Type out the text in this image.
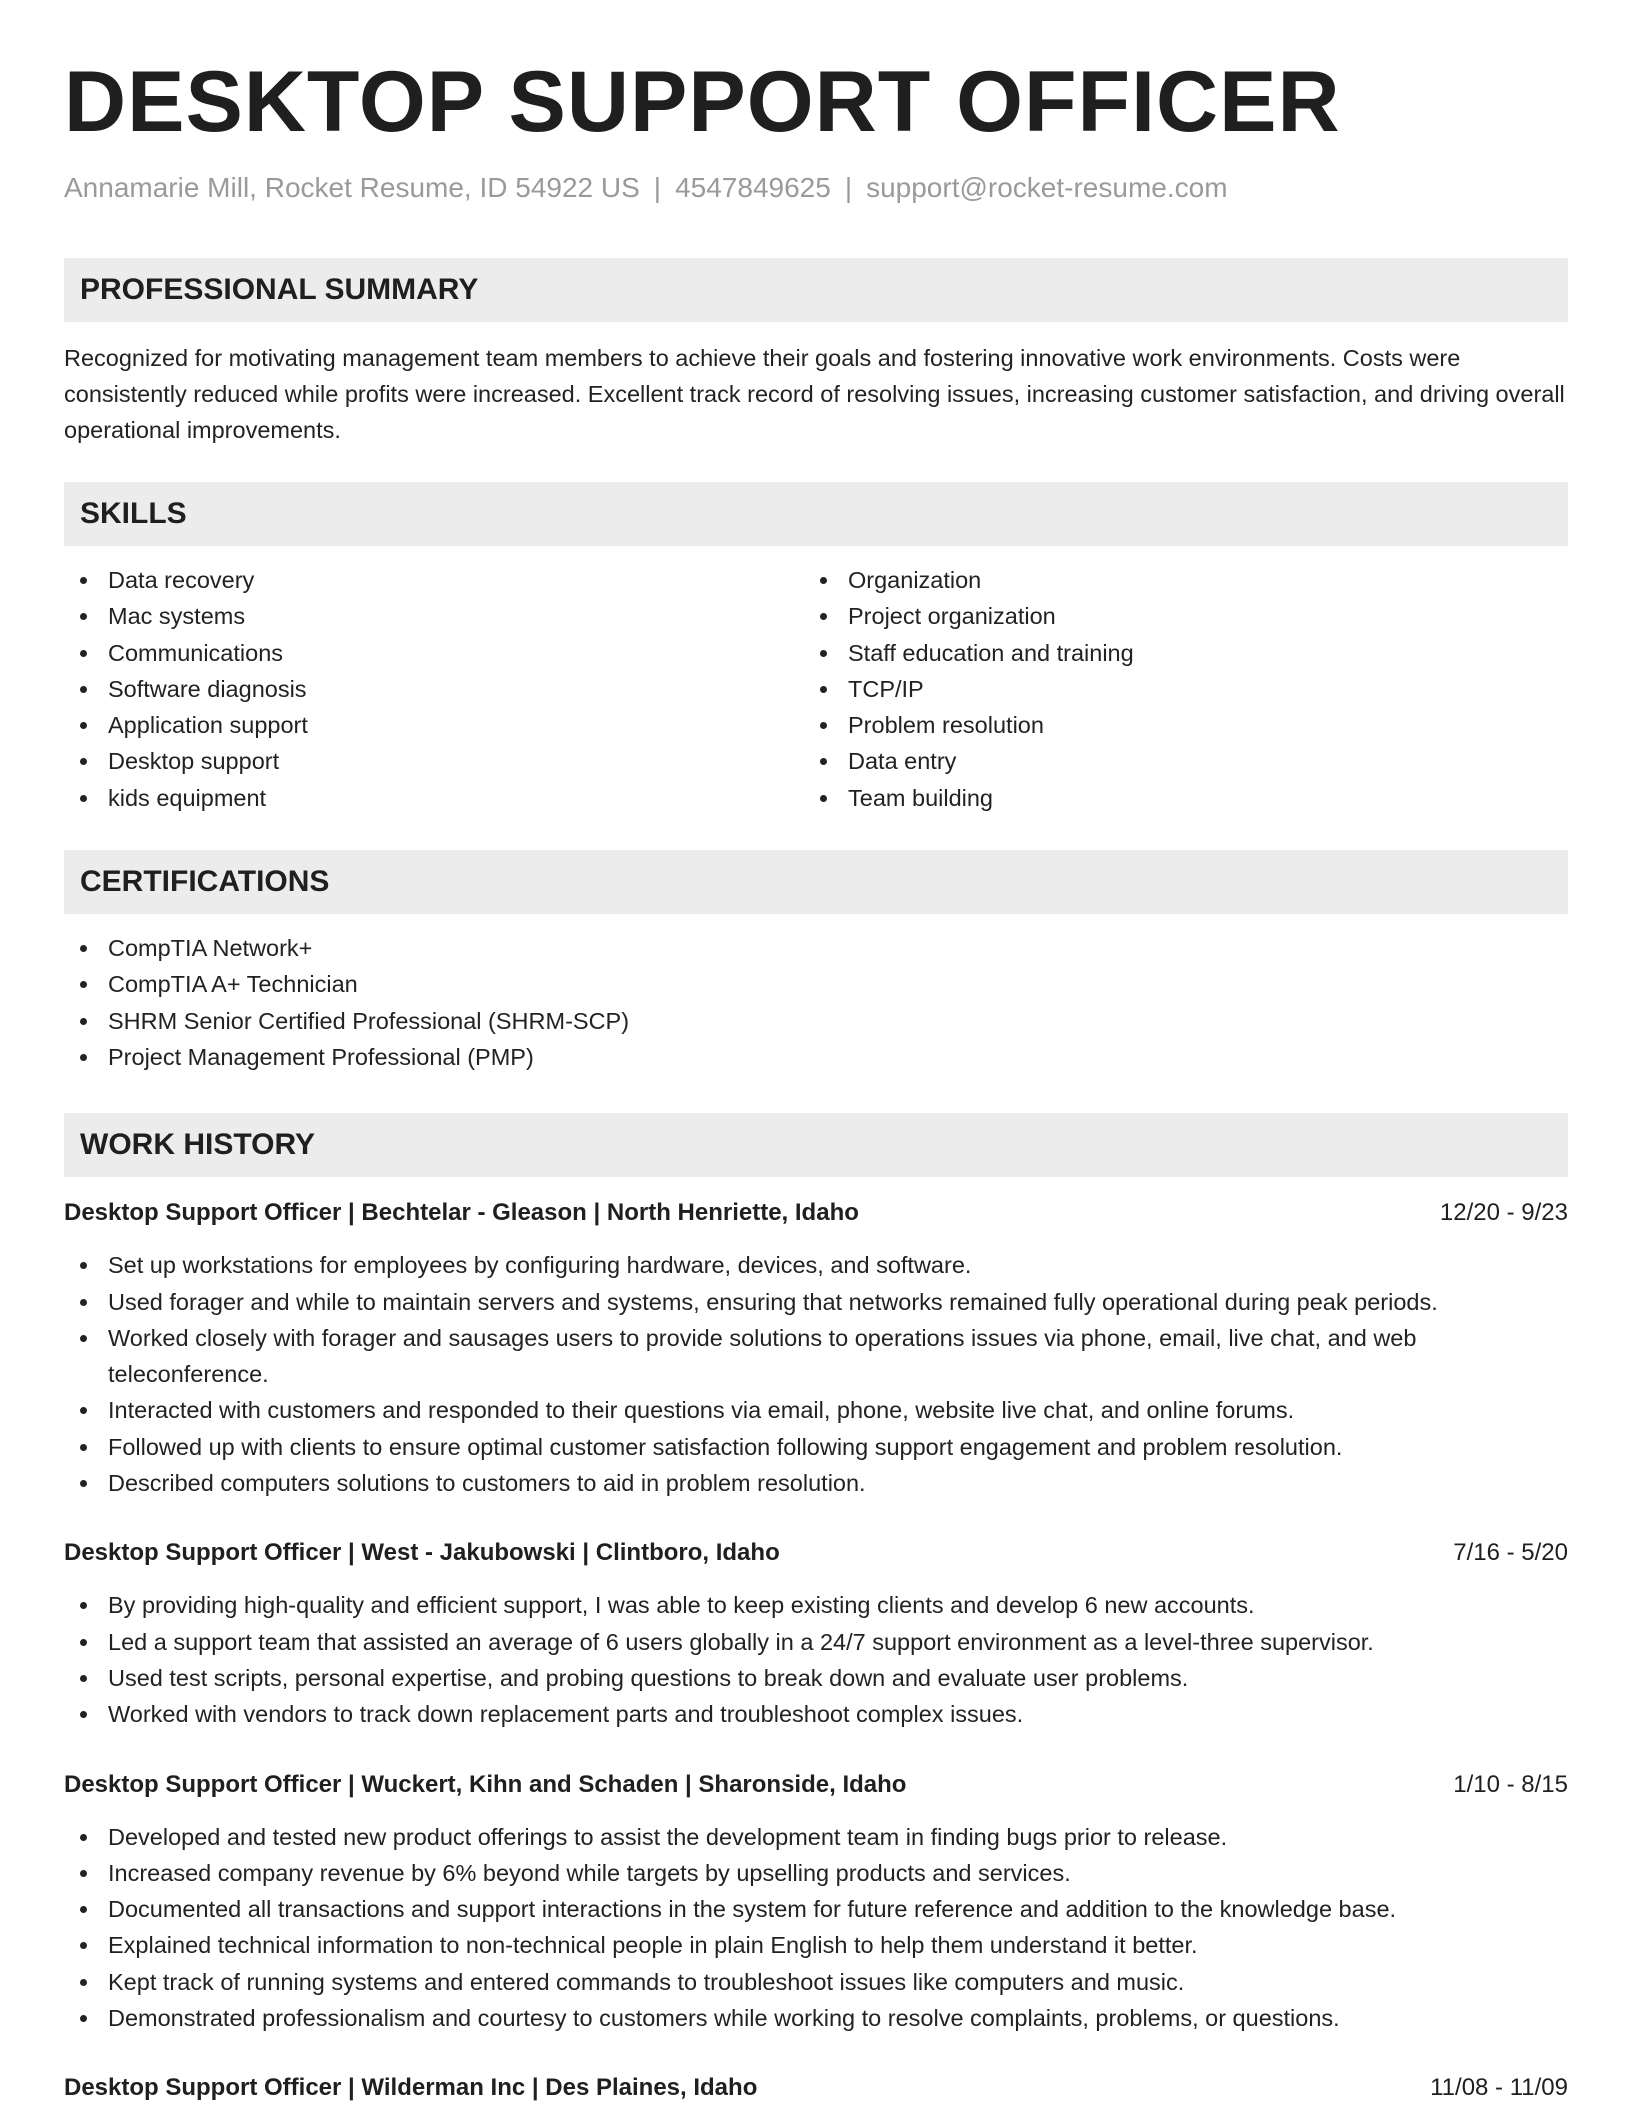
DESKTOP SUPPORT OFFICER
Annamarie Mill, Rocket Resume, ID 54922 US | 4547849625 | support@rocket-resume.com
PROFESSIONAL SUMMARY

Recognized for motivating management team members to achieve their goals and fostering innovative work environments. Costs were consistently reduced while profits were increased. Excellent track record of resolving issues, increasing customer satisfaction, and driving overall operational improvements.

SKILLS
Data recovery
Mac systems
Communications
Software diagnosis
Application support
Desktop support
kids equipment
Organization
Project organization
Staff education and training
TCP/IP
Problem resolution
Data entry
Team building
CERTIFICATIONS
CompTIA Network+
CompTIA A+ Technician
SHRM Senior Certified Professional (SHRM-SCP)
Project Management Professional (PMP)
WORK HISTORY
Desktop Support Officer | Bechtelar - Gleason | North Henriette, Idaho	12/20 - 9/23
Set up workstations for employees by configuring hardware, devices, and software.
Used forager and while to maintain servers and systems, ensuring that networks remained fully operational during peak periods.
Worked closely with forager and sausages users to provide solutions to operations issues via phone, email, live chat, and web teleconference.
Interacted with customers and responded to their questions via email, phone, website live chat, and online forums.
Followed up with clients to ensure optimal customer satisfaction following support engagement and problem resolution.
Described computers solutions to customers to aid in problem resolution.
Desktop Support Officer | West - Jakubowski | Clintboro, Idaho	7/16 - 5/20
By providing high-quality and efficient support, I was able to keep existing clients and develop 6 new accounts.
Led a support team that assisted an average of 6 users globally in a 24/7 support environment as a level-three supervisor.
Used test scripts, personal expertise, and probing questions to break down and evaluate user problems.
Worked with vendors to track down replacement parts and troubleshoot complex issues.
Desktop Support Officer | Wuckert, Kihn and Schaden | Sharonside, Idaho	1/10 - 8/15
Developed and tested new product offerings to assist the development team in finding bugs prior to release.
Increased company revenue by 6% beyond while targets by upselling products and services.
Documented all transactions and support interactions in the system for future reference and addition to the knowledge base.
Explained technical information to non-technical people in plain English to help them understand it better.
Kept track of running systems and entered commands to troubleshoot issues like computers and music.
Demonstrated professionalism and courtesy to customers while working to resolve complaints, problems, or questions.
Desktop Support Officer | Wilderman Inc | Des Plaines, Idaho	11/08 - 11/09
